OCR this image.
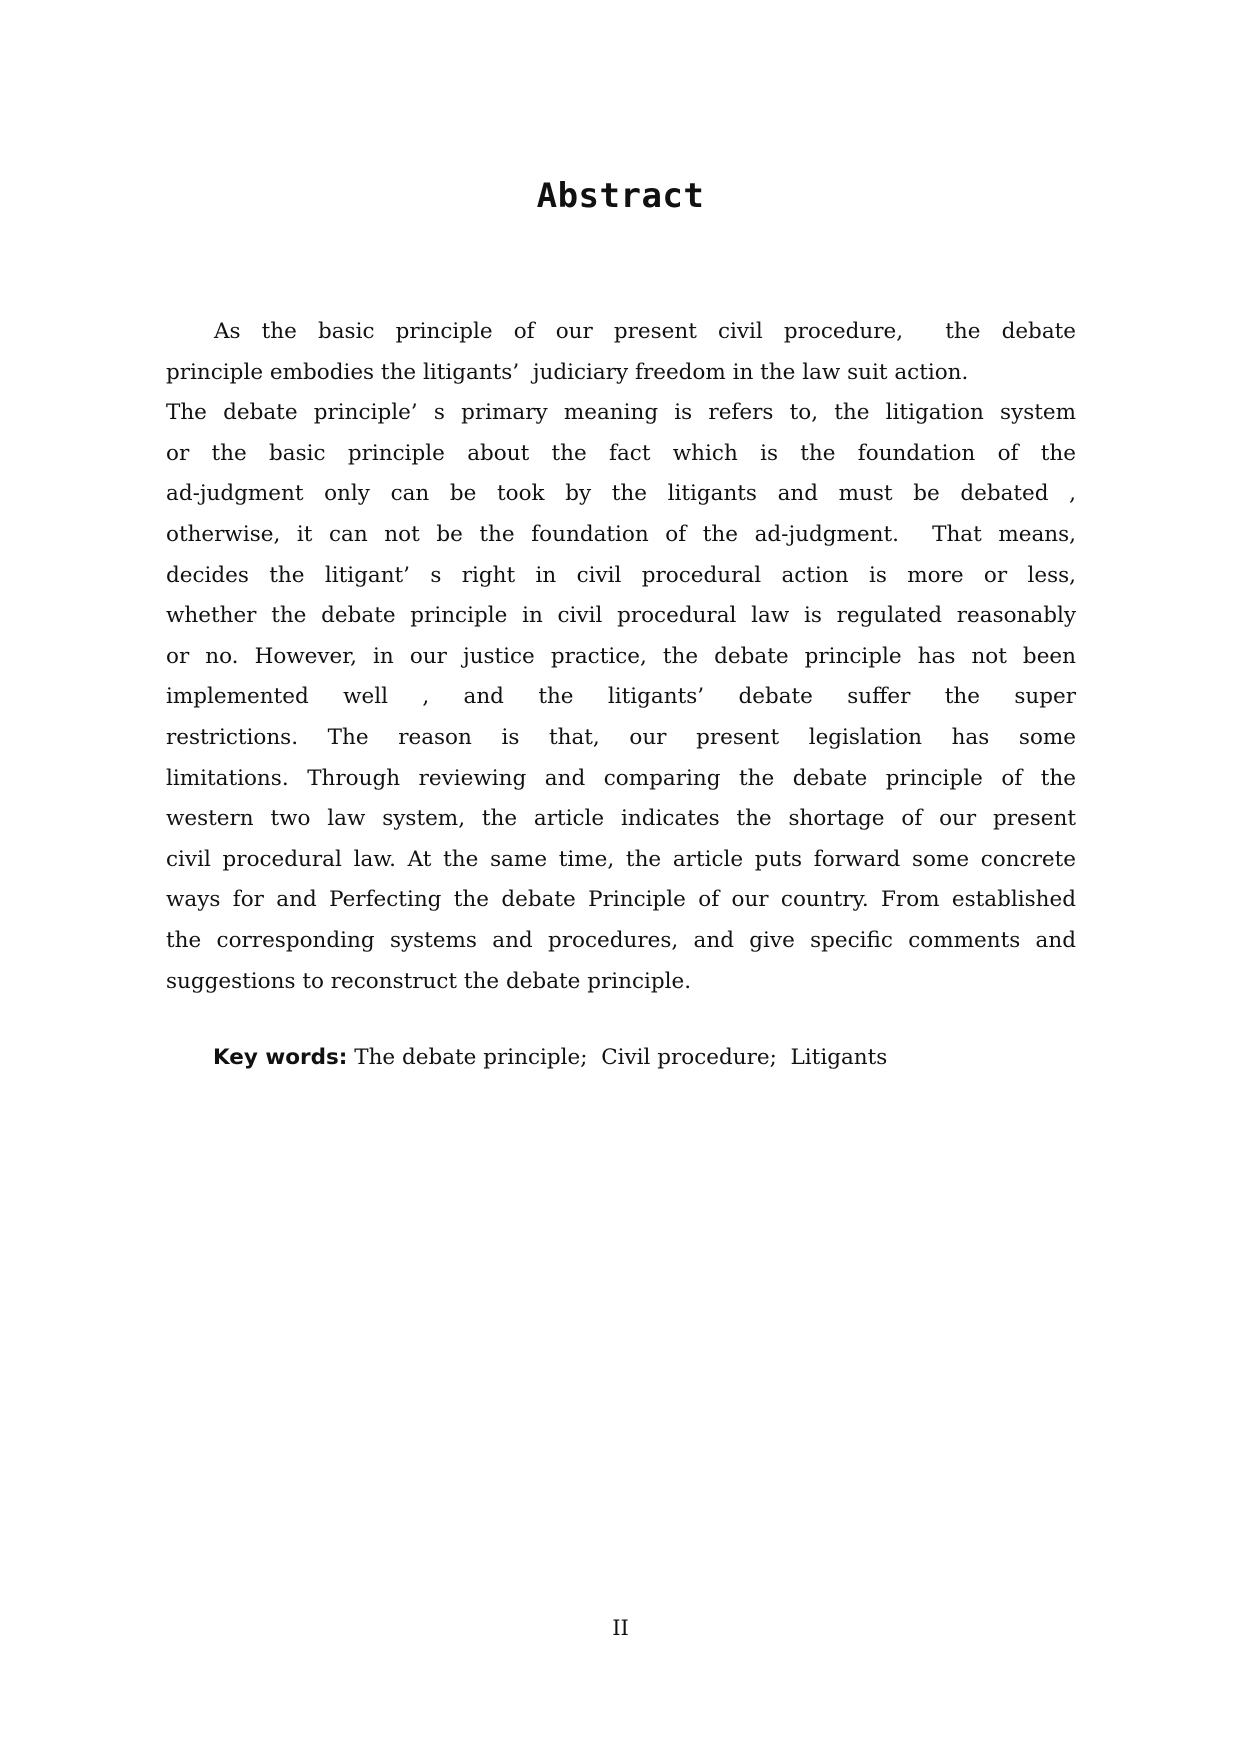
Abstract
As the basic principle of our present civil procedure,  the debate
principle embodies the litigants’  judiciary freedom in the law suit action.
The debate principle’ s primary meaning is refers to, the litigation system
or the basic principle about the fact which is the foundation of the
ad-judgment only can be took by the litigants and must be debated ,
otherwise, it can not be the foundation of the ad-judgment.  That means,
decides the litigant’ s right in civil procedural action is more or less,
whether the debate principle in civil procedural law is regulated reasonably
or no. However, in our justice practice, the debate principle has not been
implemented well , and the litigants’ debate suffer the super
restrictions. The reason is that, our present legislation has some
limitations. Through reviewing and comparing the debate principle of the
western two law system, the article indicates the shortage of our present
civil procedural law. At the same time, the article puts forward some concrete
ways for and Perfecting the debate Principle of our country. From established
the corresponding systems and procedures, and give specific comments and
suggestions to reconstruct the debate principle.
Key words: The debate principle;  Civil procedure;  Litigants
II
